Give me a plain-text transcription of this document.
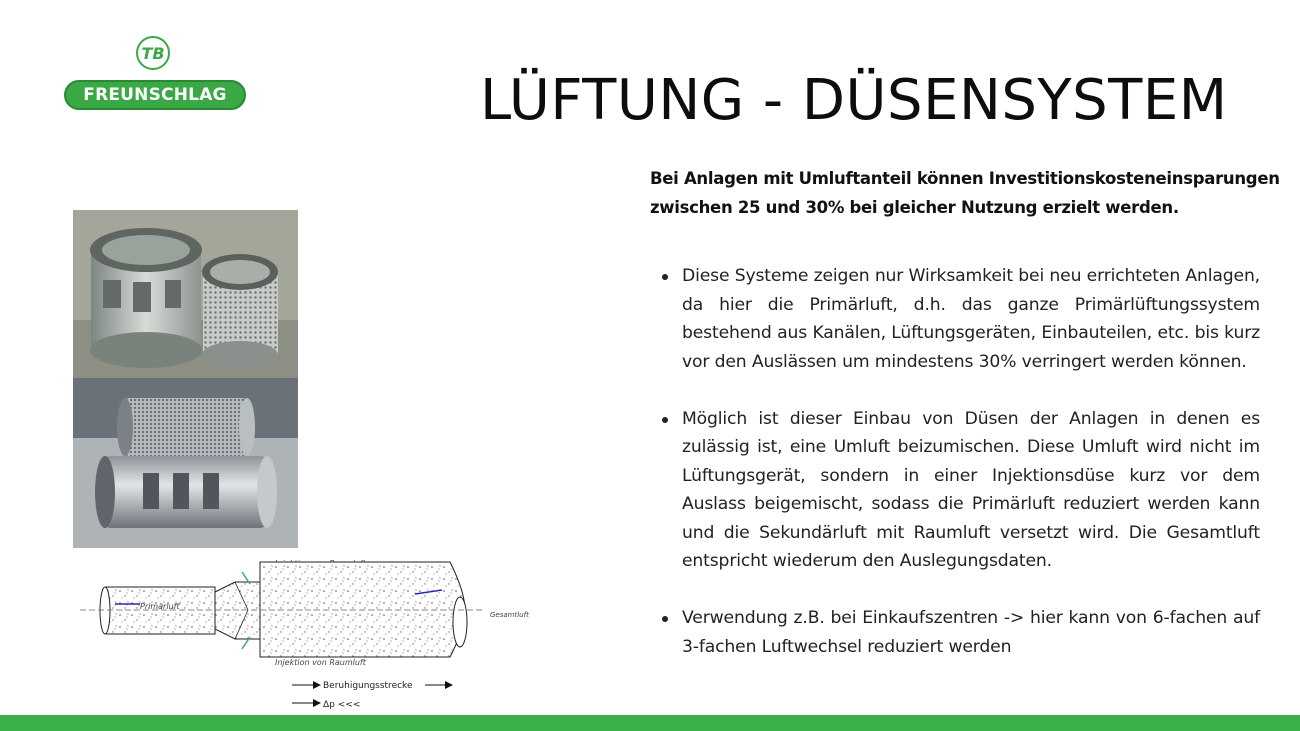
TB
FREUNSCHLAG	LÜFTUNG - DÜSENSYSTEM
Bei Anlagen mit Umluftanteil können Investitionskosteneinsparungen zwischen 25 und 30% bei gleicher Nutzung erzielt werden.
Diese Systeme zeigen nur Wirksamkeit bei neu errichteten Anlagen, da hier die Primärluft, d.h. das ganze Primärlüftungssystem bestehend aus Kanälen, Lüftungsgeräten, Einbauteilen, etc. bis kurz vor den Auslässen um mindestens 30% verringert werden können.
Möglich ist dieser Einbau von Düsen der Anlagen in denen es zulässig ist, eine Umluft beizumischen. Diese Umluft wird nicht im Lüftungsgerät, sondern in einer Injektionsdüse kurz vor dem Auslass beigemischt, sodass die Primärluft reduziert werden kann und die Sekundärluft mit Raumluft versetzt wird. Die Gesamtluft entspricht wiederum den Auslegungsdaten.
Verwendung z.B. bei Einkaufszentren -> hier kann von 6-fachen auf 3-fachen Luftwechsel reduziert werden
Primärluft
Gesamtluft
Injektion von Raumluft
Beruhigungsstrecke
Δp <<<
